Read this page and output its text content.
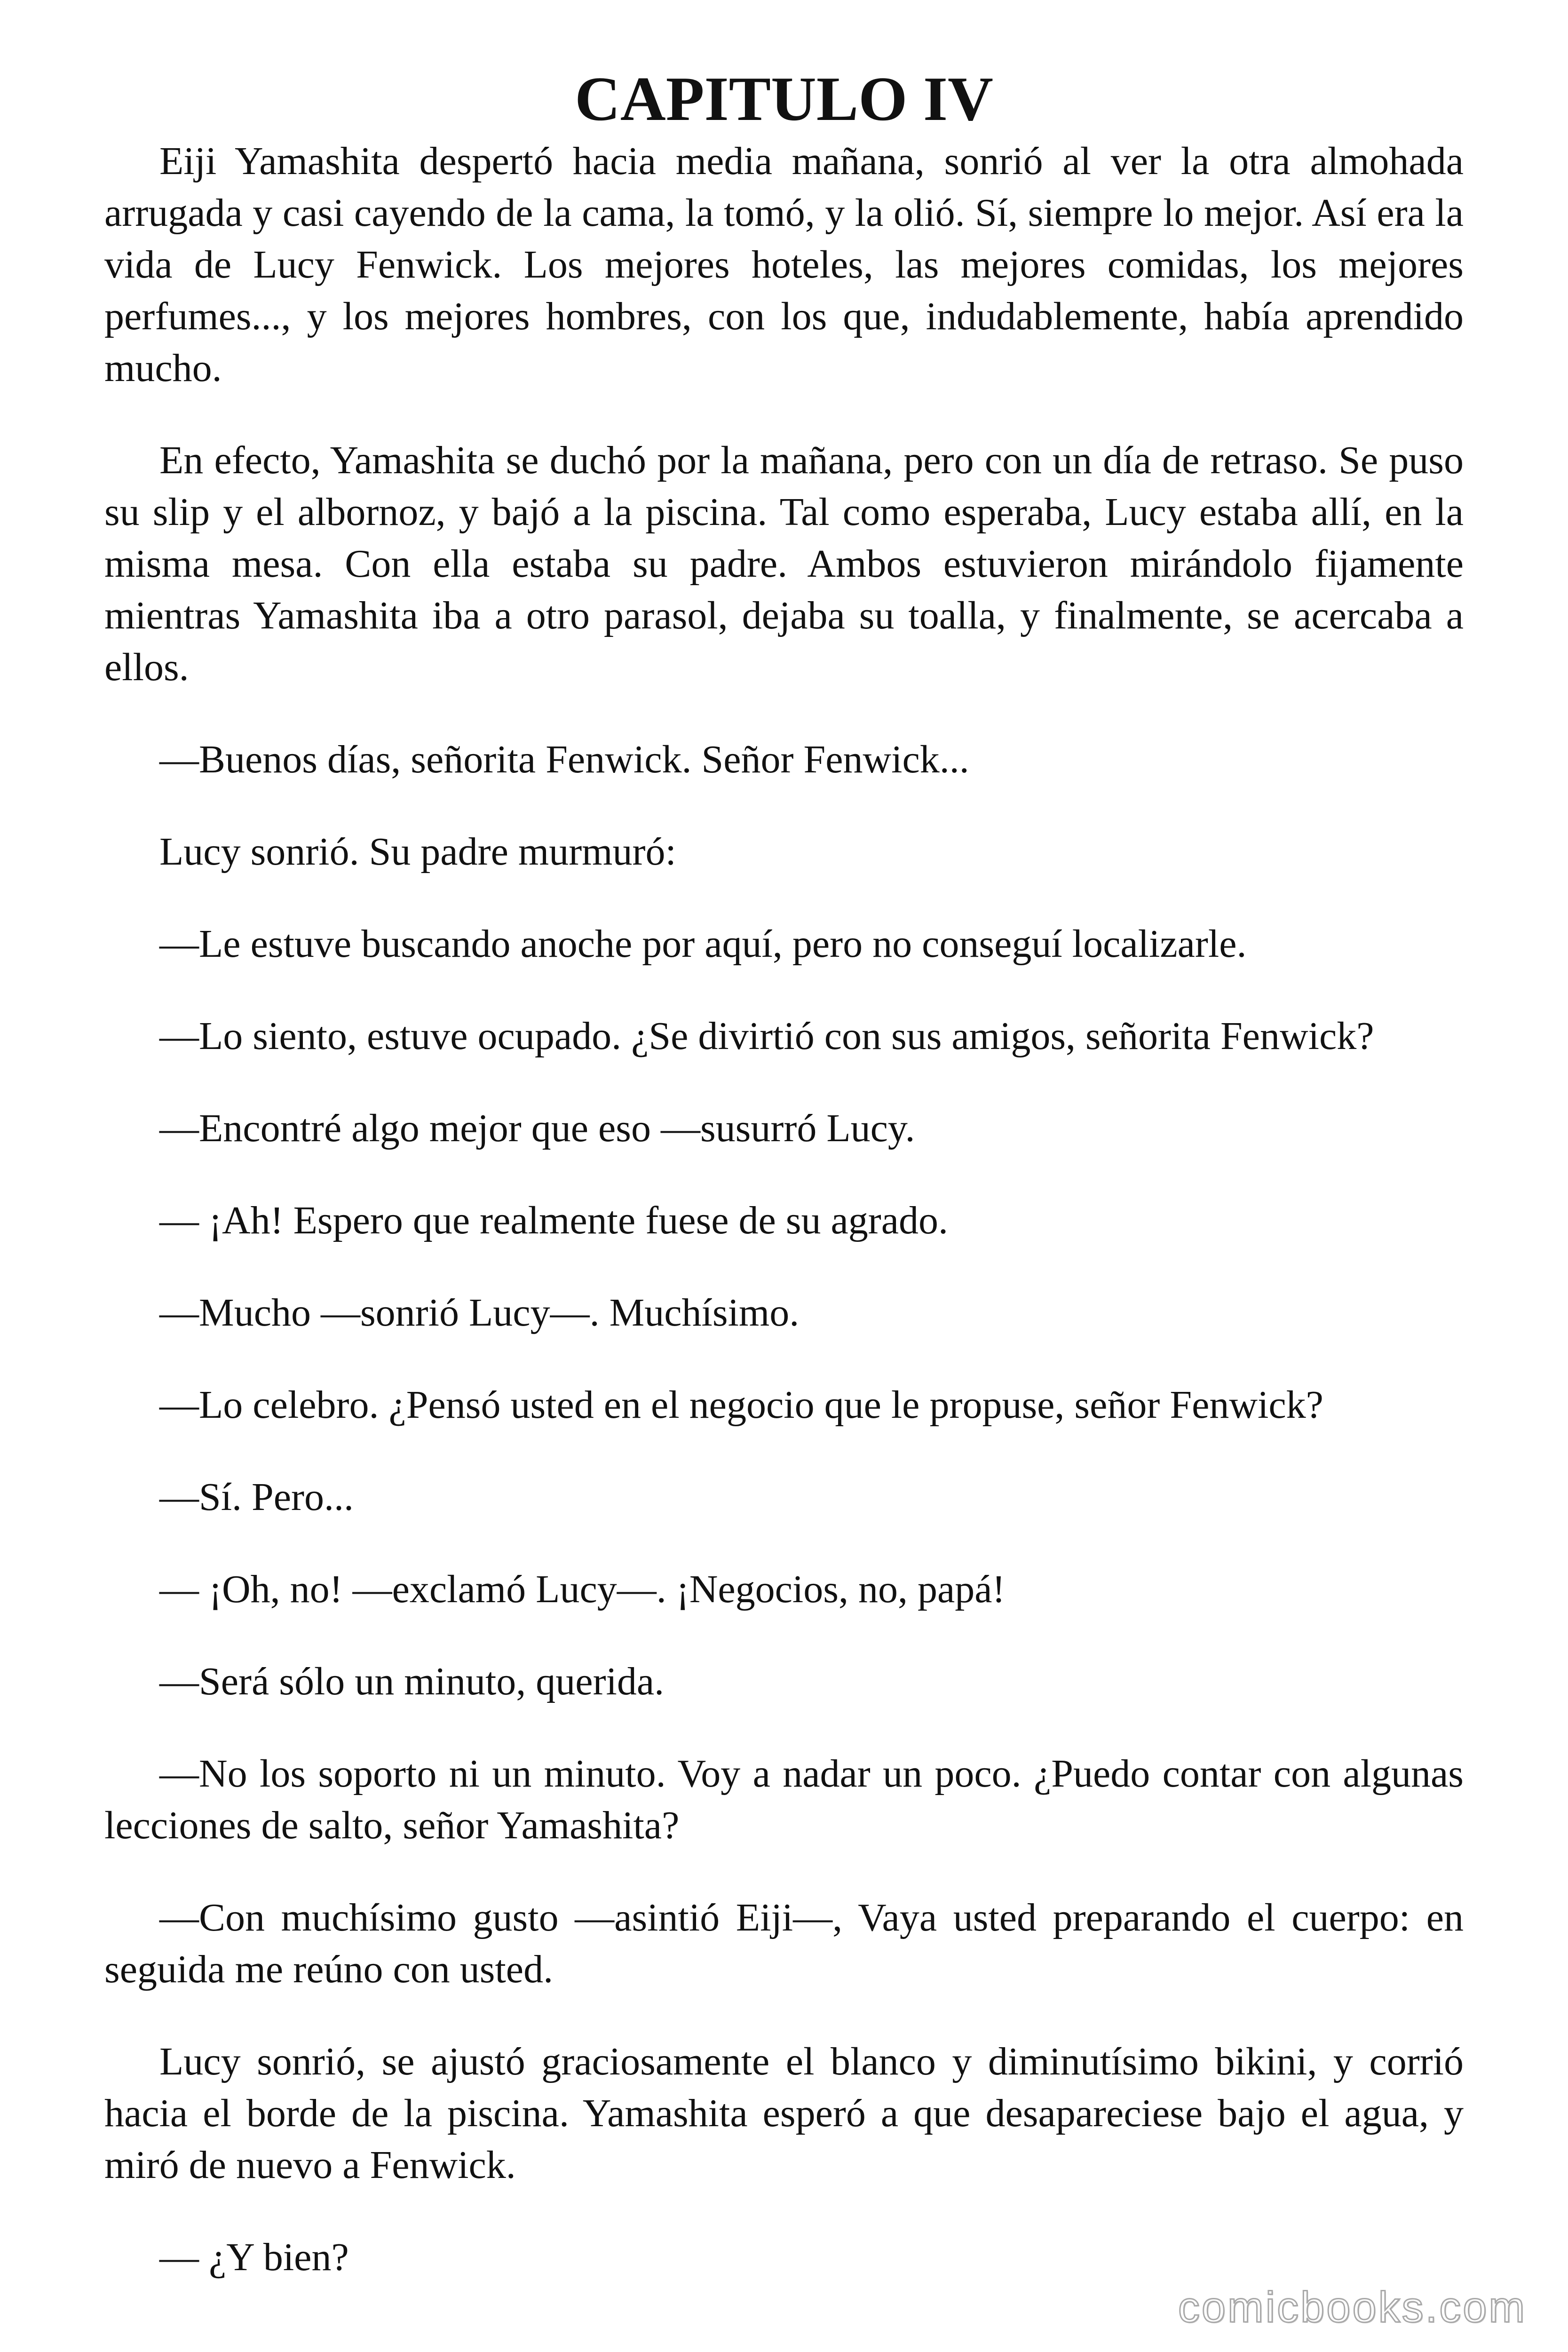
CAPITULO IV

Eiji Yamashita despertó hacia media mañana, sonrió al ver la otra almohada arrugada y casi cayendo de la cama, la tomó, y la olió. Sí, siempre lo mejor. Así era la vida de Lucy Fenwick. Los mejores hoteles, las mejores comidas, los mejores perfumes..., y los mejores hombres, con los que, indudablemente, había aprendido mucho.

En efecto, Yamashita se duchó por la mañana, pero con un día de retraso. Se puso su slip y el albornoz, y bajó a la piscina. Tal como esperaba, Lucy estaba allí, en la misma mesa. Con ella estaba su padre. Ambos estuvieron mirándolo fijamente mientras Yamashita iba a otro parasol, dejaba su toalla, y finalmente, se acercaba a ellos.

—Buenos días, señorita Fenwick. Señor Fenwick...

Lucy sonrió. Su padre murmuró:

—Le estuve buscando anoche por aquí, pero no conseguí localizarle.

—Lo siento, estuve ocupado. ¿Se divirtió con sus amigos, señorita Fenwick?

—Encontré algo mejor que eso —susurró Lucy.

— ¡Ah! Espero que realmente fuese de su agrado.

—Mucho —sonrió Lucy—. Muchísimo.

—Lo celebro. ¿Pensó usted en el negocio que le propuse, señor Fenwick?

—Sí. Pero...

— ¡Oh, no! —exclamó Lucy—. ¡Negocios, no, papá!

—Será sólo un minuto, querida.

—No los soporto ni un minuto. Voy a nadar un poco. ¿Puedo contar con algunas lecciones de salto, señor Yamashita?

—Con muchísimo gusto —asintió Eiji—, Vaya usted preparando el cuerpo: en seguida me reúno con usted.

Lucy sonrió, se ajustó graciosamente el blanco y diminutísimo bikini, y corrió hacia el borde de la piscina. Yamashita esperó a que desapareciese bajo el agua, y miró de nuevo a Fenwick.

— ¿Y bien?

comicbooks.com
